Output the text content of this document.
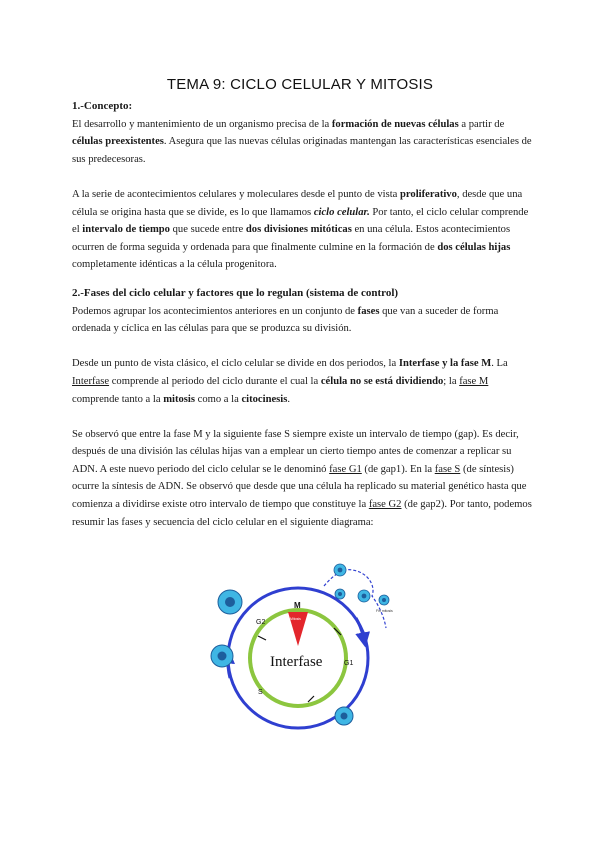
TEMA 9: CICLO CELULAR Y MITOSIS

1.-Concepto:

El desarrollo y mantenimiento de un organismo precisa de la formación de nuevas células a partir de células preexistentes. Asegura que las nuevas células originadas mantengan las características esenciales de sus predecesoras.

A la serie de acontecimientos celulares y moleculares desde el punto de vista proliferativo, desde que una célula se origina hasta que se divide, es lo que llamamos ciclo celular. Por tanto, el ciclo celular comprende el intervalo de tiempo que sucede entre dos divisiones mitóticas en una célula. Estos acontecimientos ocurren de forma seguida y ordenada para que finalmente culmine en la formación de dos células hijas completamente idénticas a la célula progenitora.

2.-Fases del ciclo celular y factores que lo regulan (sistema de control)

Podemos agrupar los acontecimientos anteriores en un conjunto de fases que van a suceder de forma ordenada y cíclica en las células para que se produzca su división.

Desde un punto de vista clásico, el ciclo celular se divide en dos periodos, la Interfase y la fase M. La Interfase comprende al periodo del ciclo durante el cual la célula no se está dividiendo; la fase M comprende tanto a la mitosis como a la citocinesis.

Se observó que entre la fase M y la siguiente fase S siempre existe un intervalo de tiempo (gap). Es decir, después de una división las células hijas van a emplear un cierto tiempo antes de comenzar a replicar su ADN. A este nuevo periodo del ciclo celular se le denominó fase G1 (de gap1). En la fase S (de síntesis) ocurre la síntesis de ADN. Se observó que desde que una célula ha replicado su material genético hasta que comienza a dividirse existe otro intervalo de tiempo que constituye la fase G2 (de gap2). Por tanto, podemos resumir las fases y secuencia del ciclo celular en el siguiente diagrama:

M
Mitosis
Interfase
G2
G1
S
Fin mitosis
